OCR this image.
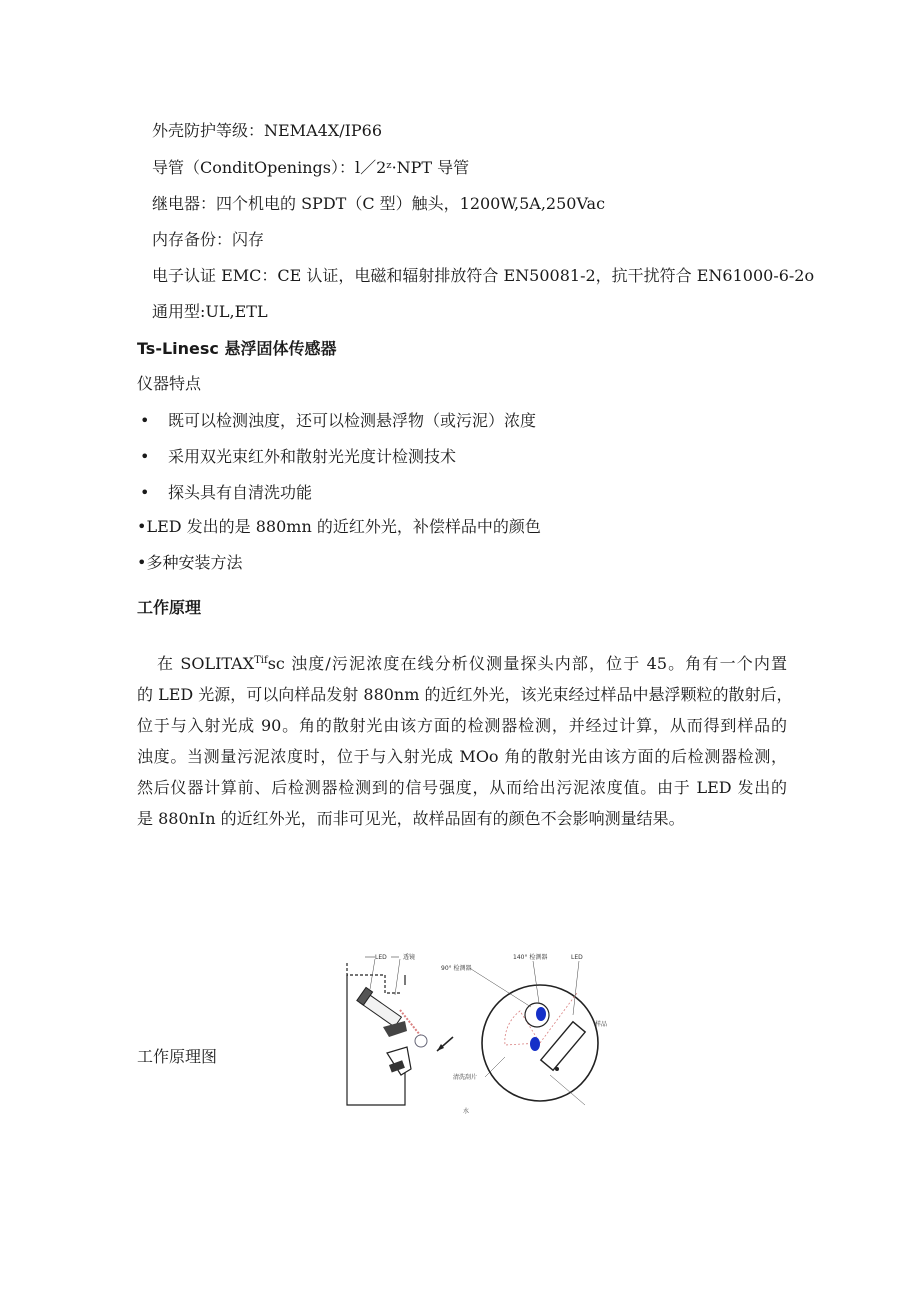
外壳防护等级：NEMA4X/IP66
导管（ConditOpenings）：l／2ᶻ·NPT 导管
继电器：四个机电的 SPDT（C 型）触头，1200W,5A,250Vac
内存备份：闪存
电子认证 EMC：CE 认证，电磁和辐射排放符合 EN50081-2，抗干扰符合 EN61000-6-2o
通用型:UL,ETL
Ts-Linesc 悬浮固体传感器
仪器特点
• 既可以检测浊度，还可以检测悬浮物（或污泥）浓度
• 采用双光束红外和散射光光度计检测技术
• 探头具有自清洗功能
•LED 发出的是 880mn 的近红外光，补偿样品中的颜色
•多种安装方法
工作原理
在 $SOLITAX^{Tif}sc$ 浊度/污泥浓度在线分析仪测量探头内部，位于 45。角有一个内置
的 LED 光源，可以向样品发射 880nm 的近红外光，该光束经过样品中悬浮颗粒的散射后，
位于与入射光成 90。角的散射光由该方面的检测器检测，并经过计算，从而得到样品的
浊度。当测量污泥浓度时，位于与入射光成 MOo 角的散射光由该方面的后检测器检测，
然后仪器计算前、后检测器检测到的信号强度，从而给出污泥浓度值。由于 LED 发出的
是 880nIn 的近红外光，而非可见光，故样品固有的颜色不会影响测量结果。
工作原理图
LED	透镜	140° 检测器	LED
90° 检测器
样品
清洗刮片
水
